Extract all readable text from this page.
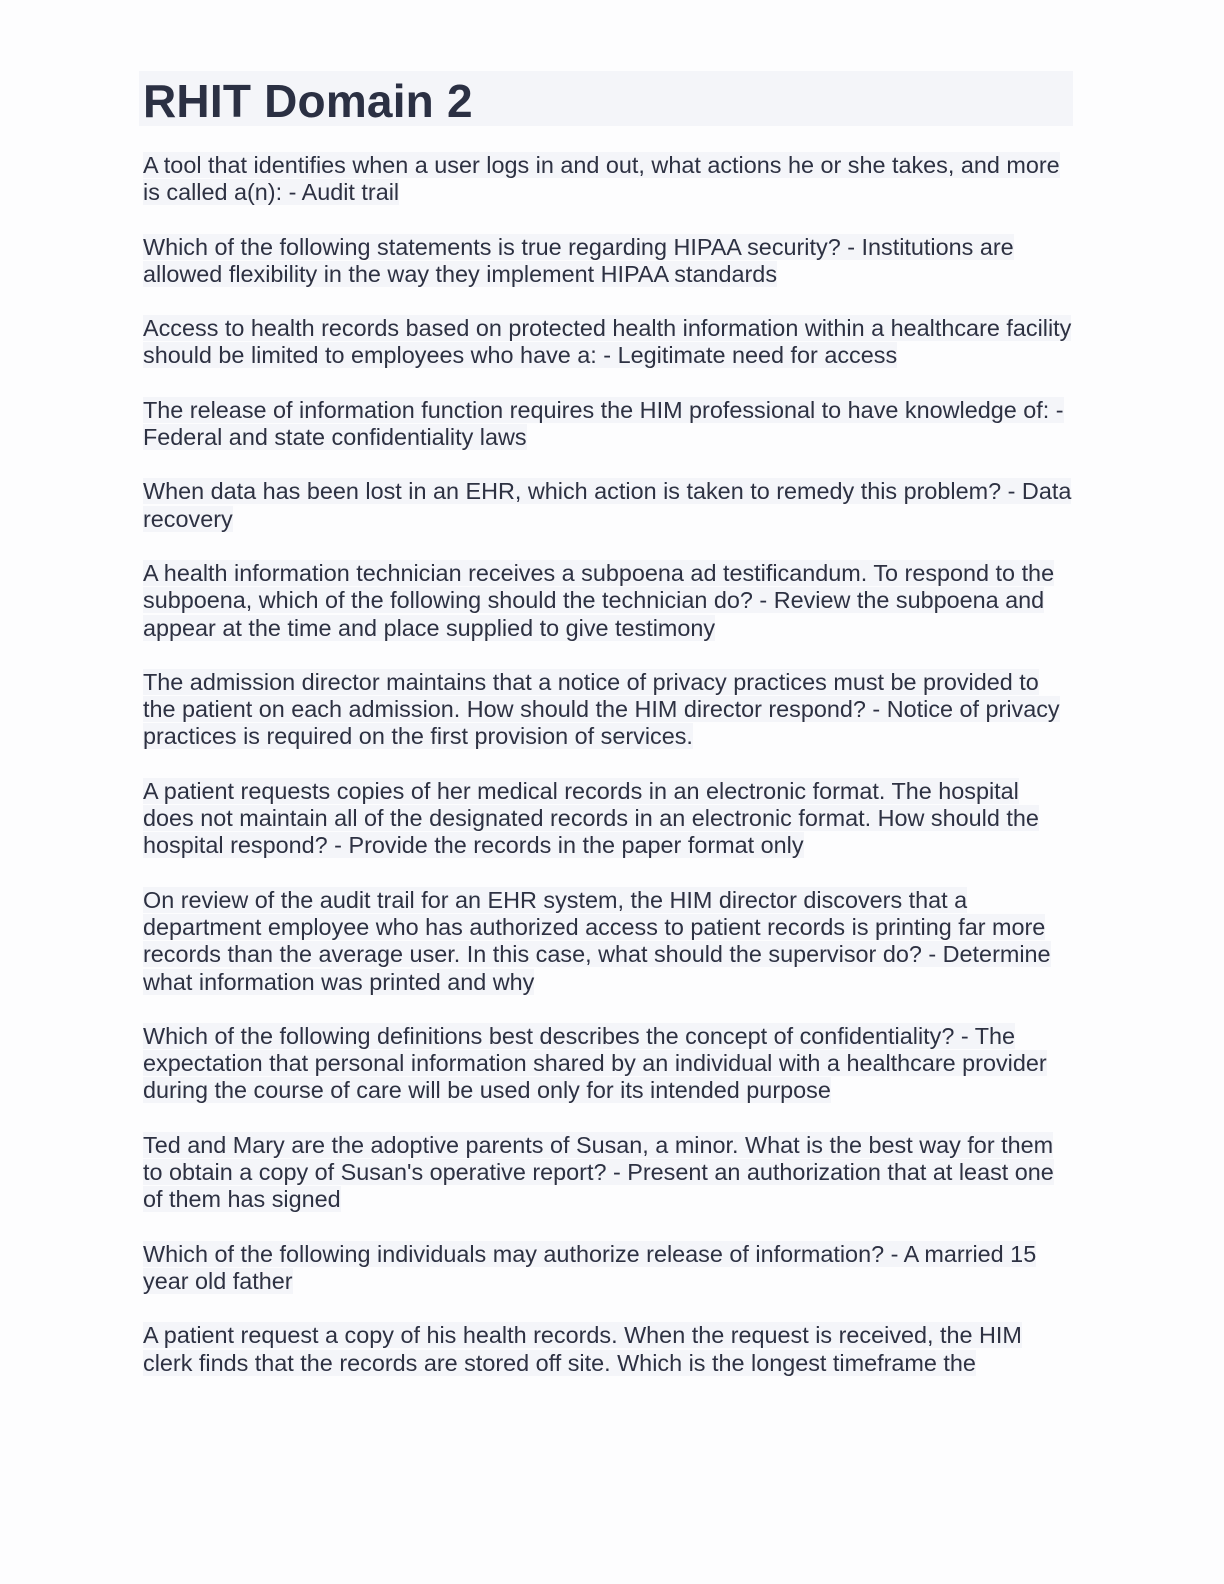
RHIT Domain 2
A tool that identifies when a user logs in and out, what actions he or she takes, and more is called a(n): - Audit trail
Which of the following statements is true regarding HIPAA security? - Institutions are allowed flexibility in the way they implement HIPAA standards
Access to health records based on protected health information within a healthcare facility should be limited to employees who have a: - Legitimate need for access
The release of information function requires the HIM professional to have knowledge of: - Federal and state confidentiality laws
When data has been lost in an EHR, which action is taken to remedy this problem? - Data recovery
A health information technician receives a subpoena ad testificandum. To respond to the subpoena, which of the following should the technician do? - Review the subpoena and appear at the time and place supplied to give testimony
The admission director maintains that a notice of privacy practices must be provided to the patient on each admission. How should the HIM director respond? - Notice of privacy practices is required on the first provision of services.
A patient requests copies of her medical records in an electronic format. The hospital does not maintain all of the designated records in an electronic format. How should the hospital respond? - Provide the records in the paper format only
On review of the audit trail for an EHR system, the HIM director discovers that a department employee who has authorized access to patient records is printing far more records than the average user. In this case, what should the supervisor do? - Determine what information was printed and why
Which of the following definitions best describes the concept of confidentiality? - The expectation that personal information shared by an individual with a healthcare provider during the course of care will be used only for its intended purpose
Ted and Mary are the adoptive parents of Susan, a minor. What is the best way for them to obtain a copy of Susan's operative report? - Present an authorization that at least one of them has signed
Which of the following individuals may authorize release of information? - A married 15 year old father
A patient request a copy of his health records. When the request is received, the HIM clerk finds that the records are stored off site. Which is the longest timeframe the
